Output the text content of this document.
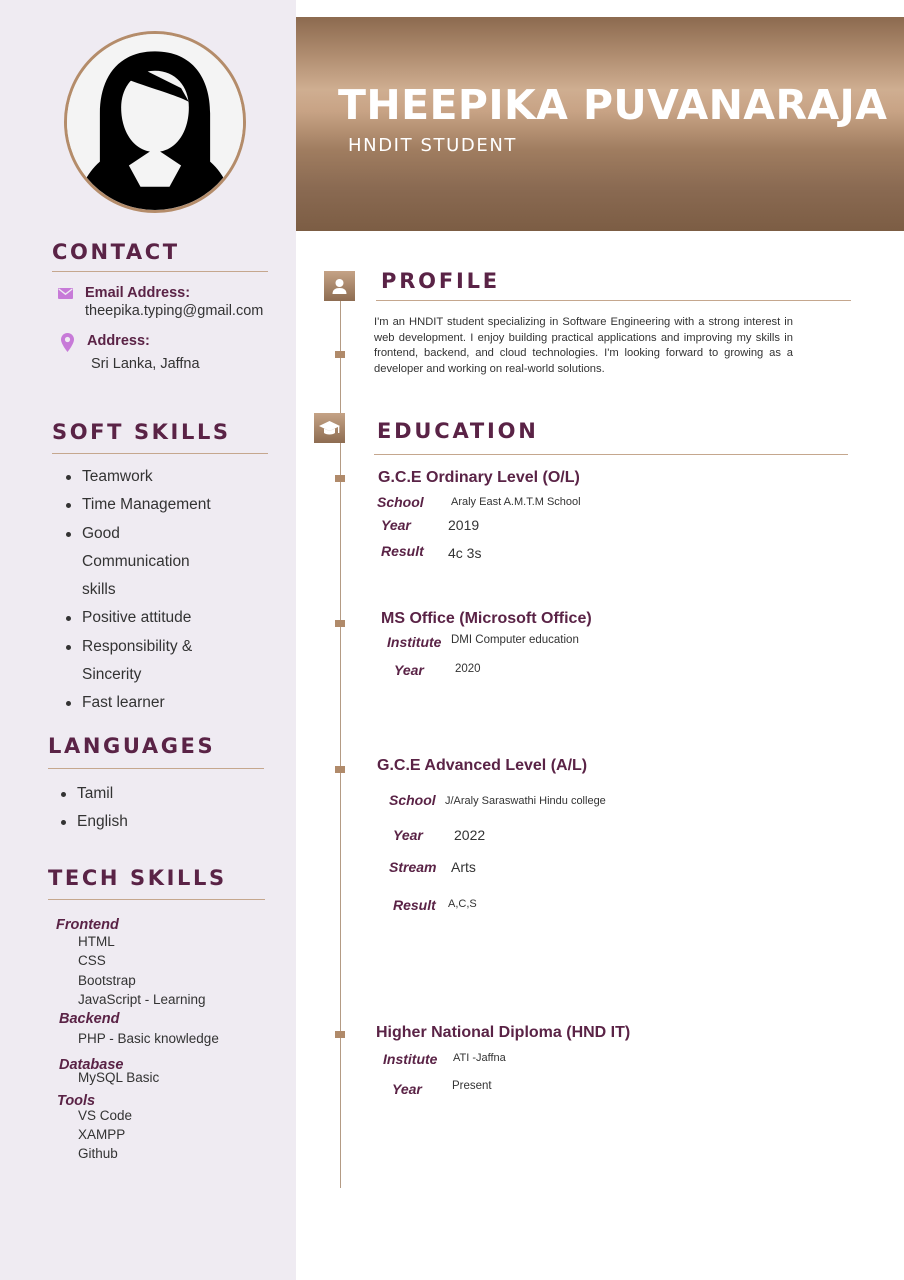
CONTACT
Email Address:
theepika.typing@gmail.com
Address:
Sri Lanka, Jaffna
SOFT SKILLS
Teamwork
Time Management
Good Communication skills
Positive attitude
Responsibility & Sincerity
Fast learner
LANGUAGES
Tamil
English
TECH SKILLS
Frontend
HTML
CSS
Bootstrap
JavaScript - Learning
Backend
PHP - Basic knowledge
Database
MySQL Basic
Tools
VS Code
XAMPP
Github
THEEPIKA PUVANARAJA
HNDIT STUDENT
PROFILE

I'm an HNDIT student specializing in Software Engineering with a strong interest in web development. I enjoy building practical applications and improving my skills in frontend, backend, and cloud technologies. I'm looking forward to growing as a developer and working on real-world solutions.

EDUCATION
G.C.E Ordinary Level (O/L)
School Araly East A.M.T.M School
Year	2019
Result 4c 3s
MS Office (Microsoft Office)
Institute DMI Computer education
Year	2020
G.C.E Advanced Level (A/L)
School J/Araly Saraswathi Hindu college
Year 2022
Stream Arts
Result A,C,S
Higher National Diploma (HND IT)
Institute ATI -Jaffna
Year	Present
